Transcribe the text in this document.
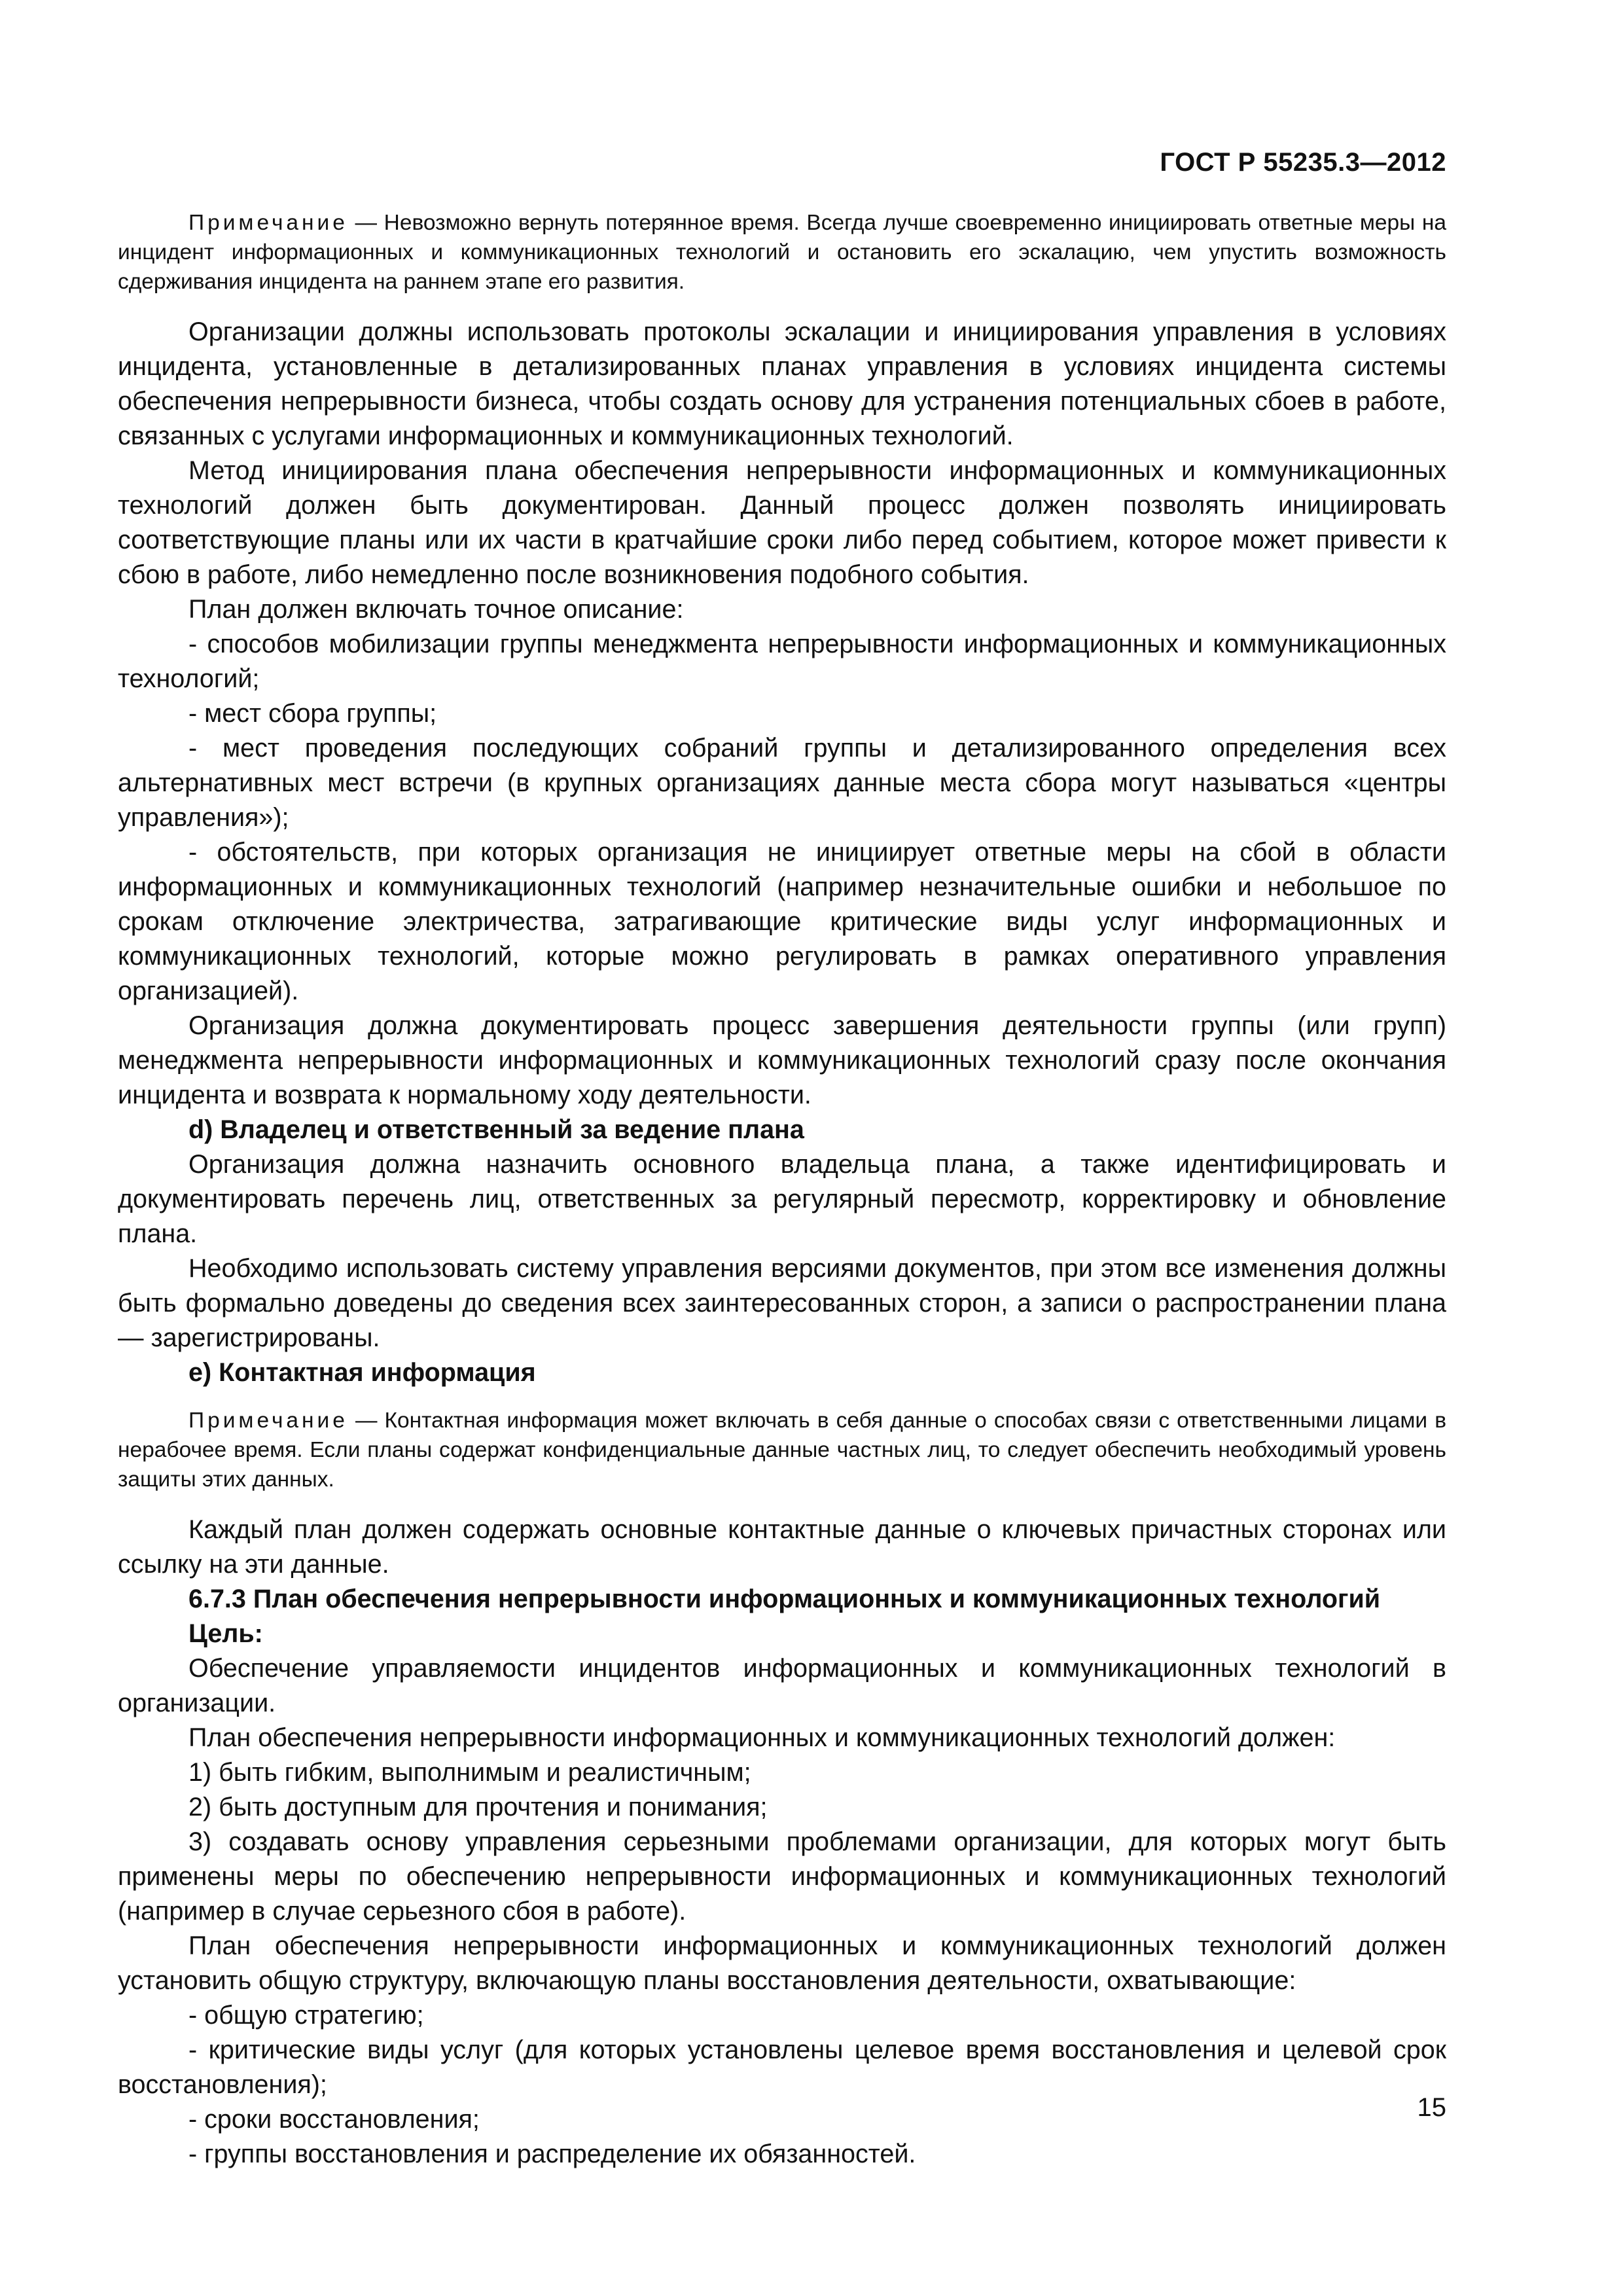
ГОСТ Р 55235.3—2012

Примечание — Невозможно вернуть потерянное время. Всегда лучше своевременно инициировать ответные меры на инцидент информационных и коммуникационных технологий и остановить его эскалацию, чем упустить возможность сдерживания инцидента на раннем этапе его развития.

Организации должны использовать протоколы эскалации и инициирования управления в условиях инцидента, установленные в детализированных планах управления в условиях инцидента системы обеспечения непрерывности бизнеса, чтобы создать основу для устранения потенциальных сбоев в работе, связанных с услугами информационных и коммуникационных технологий.

Метод инициирования плана обеспечения непрерывности информационных и коммуникационных технологий должен быть документирован. Данный процесс должен позволять инициировать соответствующие планы или их части в кратчайшие сроки либо перед событием, которое может привести к сбою в работе, либо немедленно после возникновения подобного события.

План должен включать точное описание:

- способов мобилизации группы менеджмента непрерывности информационных и коммуникационных технологий;

- мест сбора группы;

- мест проведения последующих собраний группы и детализированного определения всех альтернативных мест встречи (в крупных организациях данные места сбора могут называться «центры управления»);

- обстоятельств, при которых организация не инициирует ответные меры на сбой в области информационных и коммуникационных технологий (например незначительные ошибки и небольшое по срокам отключение электричества, затрагивающие критические виды услуг информационных и коммуникационных технологий, которые можно регулировать в рамках оперативного управления организацией).

Организация должна документировать процесс завершения деятельности группы (или групп) менеджмента непрерывности информационных и коммуникационных технологий сразу после окончания инцидента и возврата к нормальному ходу деятельности.

d) Владелец и ответственный за ведение плана

Организация должна назначить основного владельца плана, а также идентифицировать и документировать перечень лиц, ответственных за регулярный пересмотр, корректировку и обновление плана.

Необходимо использовать систему управления версиями документов, при этом все изменения должны быть формально доведены до сведения всех заинтересованных сторон, а записи о распространении плана — зарегистрированы.

e) Контактная информация

Примечание — Контактная информация может включать в себя данные о способах связи с ответственными лицами в нерабочее время. Если планы содержат конфиденциальные данные частных лиц, то следует обеспечить необходимый уровень защиты этих данных.

Каждый план должен содержать основные контактные данные о ключевых причастных сторонах или ссылку на эти данные.

6.7.3 План обеспечения непрерывности информационных и коммуникационных технологий

Цель:

Обеспечение управляемости инцидентов информационных и коммуникационных технологий в организации.

План обеспечения непрерывности информационных и коммуникационных технологий должен:

1) быть гибким, выполнимым и реалистичным;

2) быть доступным для прочтения и понимания;

3) создавать основу управления серьезными проблемами организации, для которых могут быть применены меры по обеспечению непрерывности информационных и коммуникационных технологий (например в случае серьезного сбоя в работе).

План обеспечения непрерывности информационных и коммуникационных технологий должен установить общую структуру, включающую планы восстановления деятельности, охватывающие:

- общую стратегию;

- критические виды услуг (для которых установлены целевое время восстановления и целевой срок восстановления);

- сроки восстановления;

- группы восстановления и распределение их обязанностей.

15
